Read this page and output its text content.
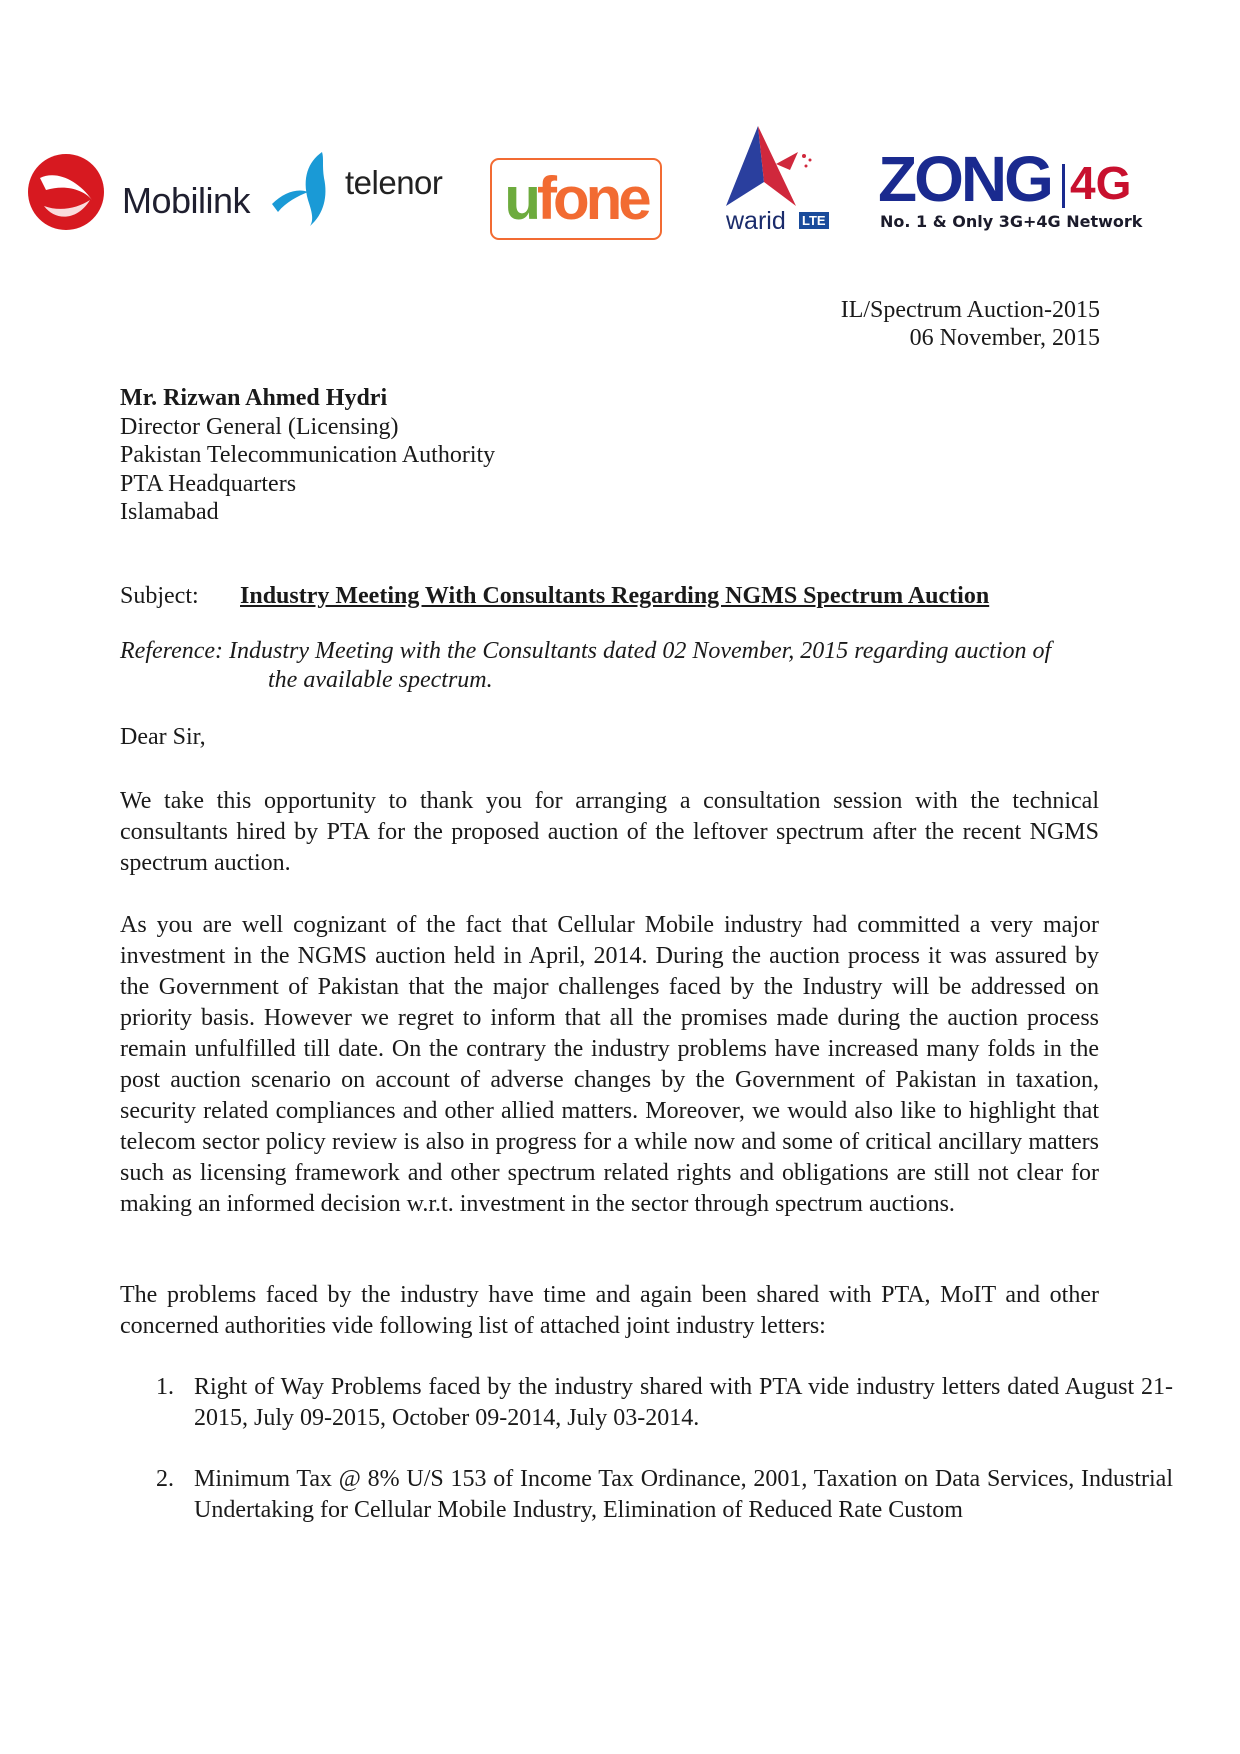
Mobilink	telenor ufone	warid LTE
ZONG 4G
No. 1 & Only 3G+4G Network
IL/Spectrum Auction-2015
06 November, 2015
Mr. Rizwan Ahmed Hydri
Director General (Licensing)
Pakistan Telecommunication Authority
PTA Headquarters
Islamabad
Subject: Industry Meeting With Consultants Regarding NGMS Spectrum Auction
Reference: Industry Meeting with the Consultants dated 02 November, 2015 regarding auction of
the available spectrum.
Dear Sir,
We take this opportunity to thank you for arranging a consultation session with the technical consultants hired by PTA for the proposed auction of the leftover spectrum after the recent NGMS spectrum auction.
As you are well cognizant of the fact that Cellular Mobile industry had committed a very major investment in the NGMS auction held in April, 2014. During the auction process it was assured by the Government of Pakistan that the major challenges faced by the Industry will be addressed on priority basis. However we regret to inform that all the promises made during the auction process remain unfulfilled till date. On the contrary the industry problems have increased many folds in the post auction scenario on account of adverse changes by the Government of Pakistan in taxation, security related compliances and other allied matters. Moreover, we would also like to highlight that telecom sector policy review is also in progress for a while now and some of critical ancillary matters such as licensing framework and other spectrum related rights and obligations are still not clear for making an informed decision w.r.t. investment in the sector through spectrum auctions.
The problems faced by the industry have time and again been shared with PTA, MoIT and other concerned authorities vide following list of attached joint industry letters:
1. Right of Way Problems faced by the industry shared with PTA vide industry letters dated August 21-2015, July 09-2015, October 09-2014, July 03-2014.
2. Minimum Tax @ 8% U/S 153 of Income Tax Ordinance, 2001, Taxation on Data Services, Industrial Undertaking for Cellular Mobile Industry, Elimination of Reduced Rate Custom
